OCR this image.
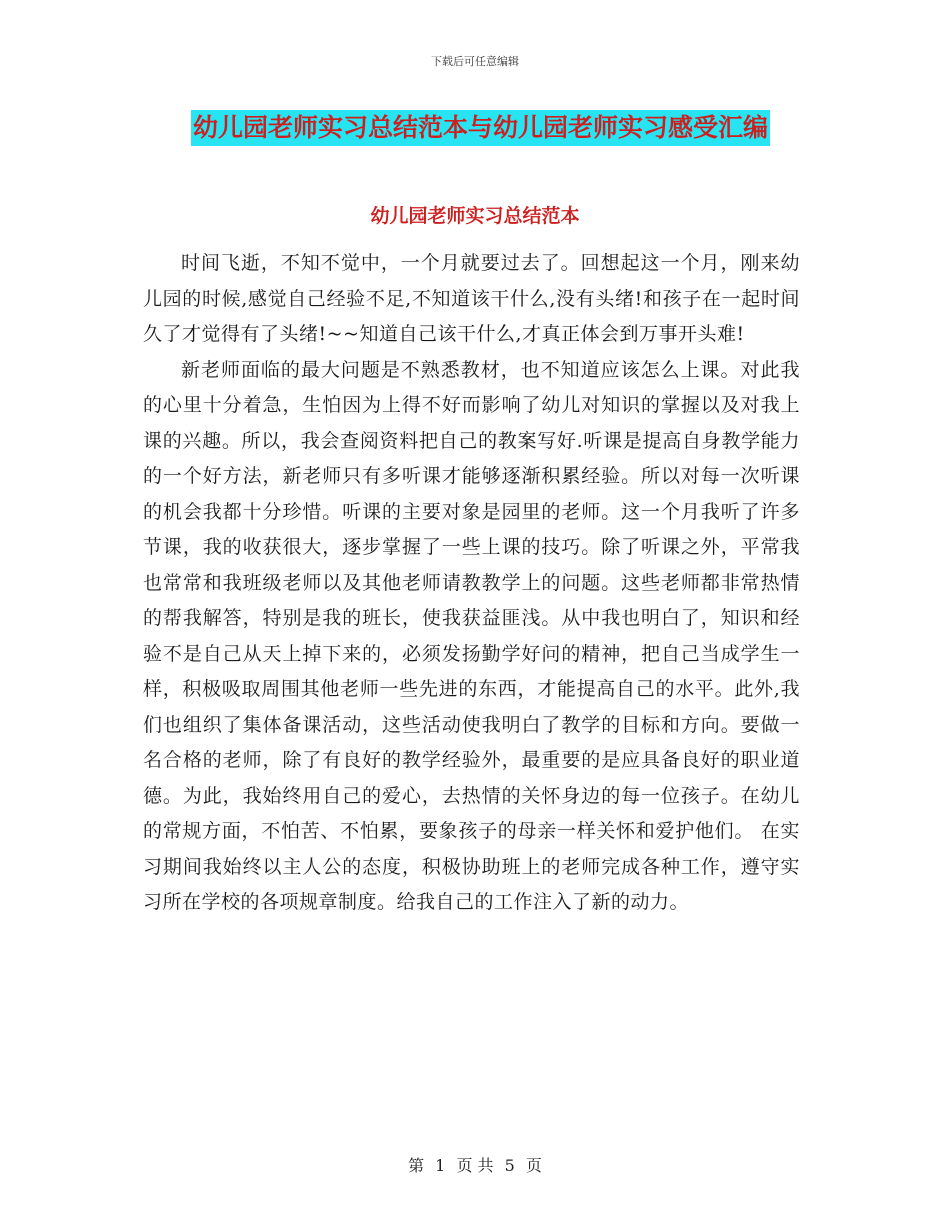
下载后可任意编辑
幼儿园老师实习总结范本与幼儿园老师实习感受汇编
幼儿园老师实习总结范本

时间飞逝，不知不觉中，一个月就要过去了。回想起这一个月，刚来幼儿园的时候,感觉自己经验不足,不知道该干什么,没有头绪!和孩子在一起时间久了才觉得有了头绪!~~知道自己该干什么,才真正体会到万事开头难!

新老师面临的最大问题是不熟悉教材，也不知道应该怎么上课。对此我的心里十分着急，生怕因为上得不好而影响了幼儿对知识的掌握以及对我上课的兴趣。所以，我会查阅资料把自己的教案写好.听课是提高自身教学能力的一个好方法，新老师只有多听课才能够逐渐积累经验。所以对每一次听课的机会我都十分珍惜。听课的主要对象是园里的老师。这一个月我听了许多节课，我的收获很大，逐步掌握了一些上课的技巧。除了听课之外，平常我也常常和我班级老师以及其他老师请教教学上的问题。这些老师都非常热情的帮我解答，特别是我的班长，使我获益匪浅。从中我也明白了，知识和经验不是自己从天上掉下来的，必须发扬勤学好问的精神，把自己当成学生一样，积极吸取周围其他老师一些先进的东西，才能提高自己的水平。此外,我们也组织了集体备课活动，这些活动使我明白了教学的目标和方向。要做一名合格的老师，除了有良好的教学经验外，最重要的是应具备良好的职业道德。为此，我始终用自己的爱心，去热情的关怀身边的每一位孩子。在幼儿的常规方面，不怕苦、不怕累，要象孩子的母亲一样关怀和爱护他们。 在实习期间我始终以主人公的态度，积极协助班上的老师完成各种工作，遵守实习所在学校的各项规章制度。给我自己的工作注入了新的动力。

第 1 页 共 5 页
